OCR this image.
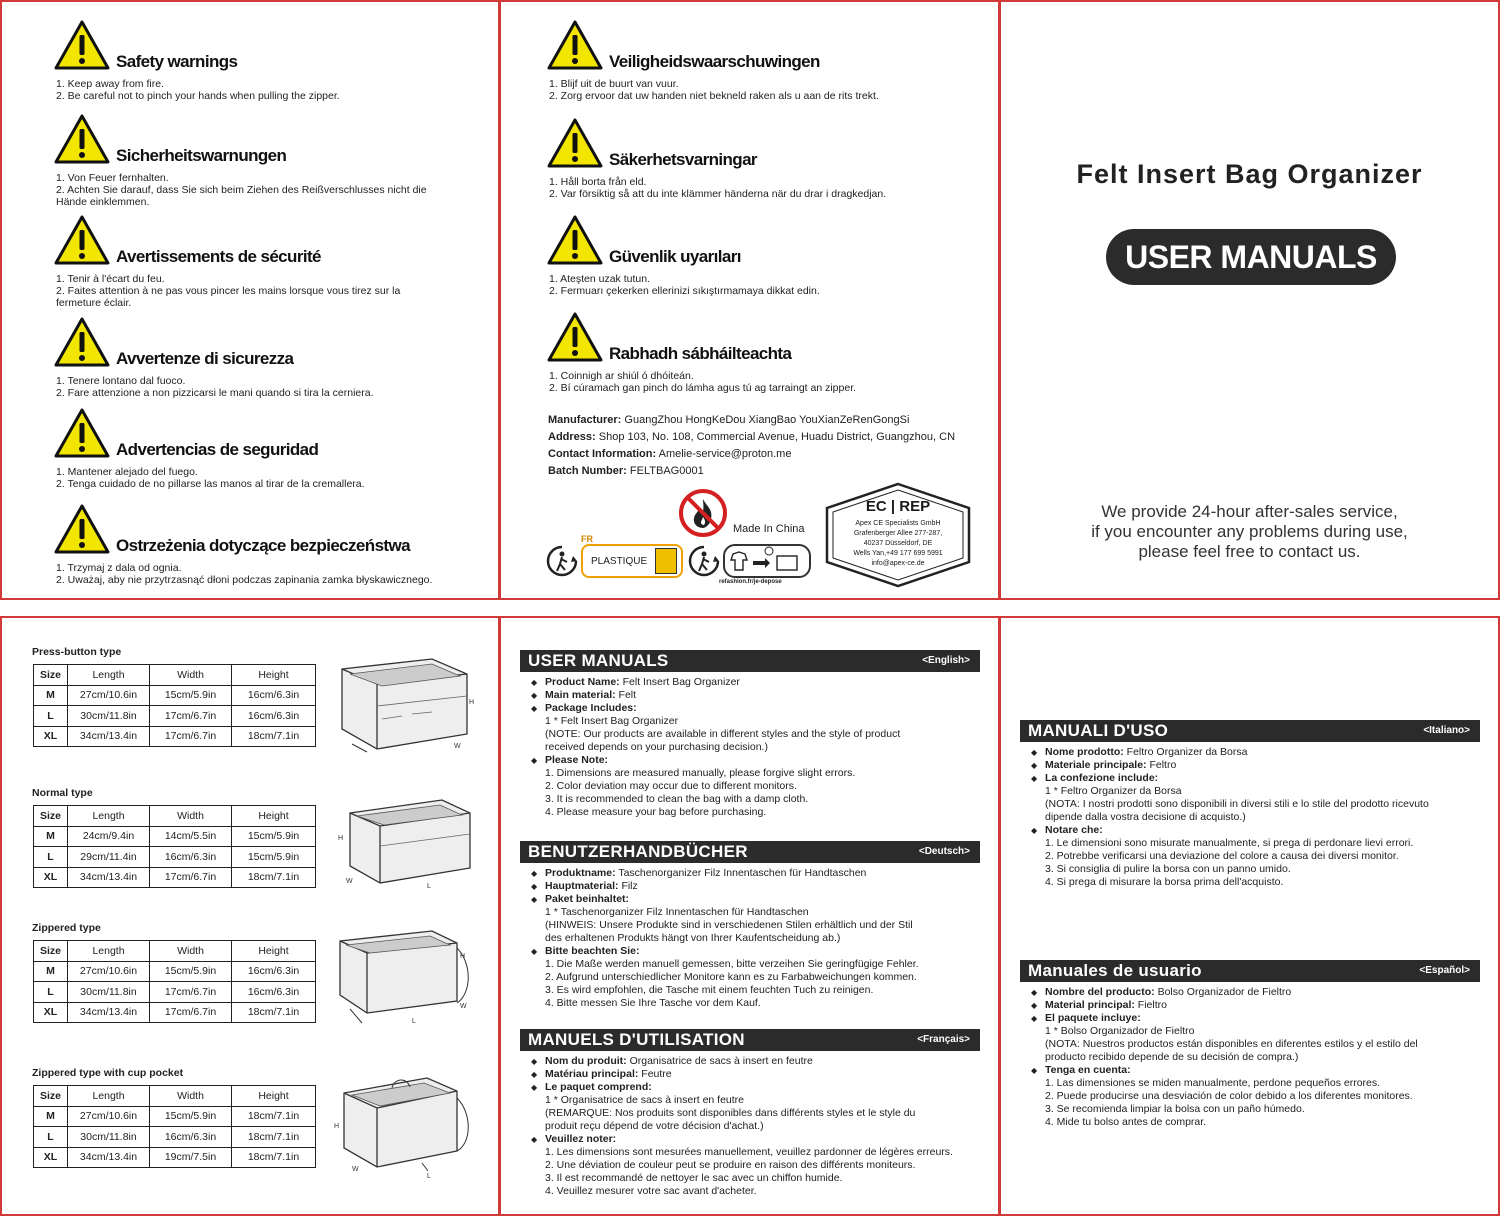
Safety warnings
1. Keep away from fire.
2. Be careful not to pinch your hands when pulling the zipper.
Sicherheitswarnungen
1. Von Feuer fernhalten.
2. Achten Sie darauf, dass Sie sich beim Ziehen des Reißverschlusses nicht die Hände einklemmen.
Avertissements de sécurité
1. Tenir à l'écart du feu.
2. Faites attention à ne pas vous pincer les mains lorsque vous tirez sur la fermeture éclair.
Avvertenze di sicurezza
1. Tenere lontano dal fuoco.
2. Fare attenzione a non pizzicarsi le mani quando si tira la cerniera.
Advertencias de seguridad
1. Mantener alejado del fuego.
2. Tenga cuidado de no pillarse las manos al tirar de la cremallera.
Ostrzeżenia dotyczące bezpieczeństwa
1. Trzymaj z dala od ognia.
2. Uważaj, aby nie przytrzasnąć dłoni podczas zapinania zamka błyskawicznego.
Veiligheidswaarschuwingen
1. Blijf uit de buurt van vuur.
2. Zorg ervoor dat uw handen niet bekneld raken als u aan de rits trekt.
Säkerhetsvarningar
1. Håll borta från eld.
2. Var försiktig så att du inte klämmer händerna när du drar i dragkedjan.
Güvenlik uyarıları
1. Ateşten uzak tutun.
2. Fermuarı çekerken ellerinizi sıkıştırmamaya dikkat edin.
Rabhadh sábháilteachta
1. Coinnigh ar shiúl ó dhóiteán.
2. Bí cúramach gan pinch do lámha agus tú ag tarraingt an zipper.
Manufacturer: GuangZhou HongKeDou XiangBao YouXianZeRenGongSi
Address: Shop 103, No. 108, Commercial Avenue, Huadu District, Guangzhou, CN
Contact Information: Amelie-service@proton.me
Batch Number: FELTBAG0001
Made In China
FR
PLASTIQUE
refashion.fr/je-depose
EC | REP
Apex CE Specialists GmbH
Grafenberger Allee 277-287,
40237 Düsseldorf, DE
Wells Yan,+49 177 699 5991
info@apex-ce.de
Felt Insert Bag Organizer
USER MANUALS
We provide 24-hour after-sales service,
if you encounter any problems during use,
please feel free to contact us.
Press-button type
Size	Length	Width	Height
M	27cm/10.6in	15cm/5.9in	16cm/6.3in
L	30cm/11.8in	17cm/6.7in	16cm/6.3in
XL	34cm/13.4in	17cm/6.7in	18cm/7.1in
H
W
Normal type
Size	Length	Width	Height
M	24cm/9.4in	14cm/5.5in	15cm/5.9in
L	29cm/11.4in	16cm/6.3in	15cm/5.9in
XL	34cm/13.4in	17cm/6.7in	18cm/7.1in
H
W
L
Zippered type
Size	Length	Width	Height
M	27cm/10.6in	15cm/5.9in	16cm/6.3in
L	30cm/11.8in	17cm/6.7in	16cm/6.3in
XL	34cm/13.4in	17cm/6.7in	18cm/7.1in
H
W
L
Zippered type with cup pocket
Size	Length	Width	Height
M	27cm/10.6in	15cm/5.9in	18cm/7.1in
L	30cm/11.8in	16cm/6.3in	18cm/7.1in
XL	34cm/13.4in	19cm/7.5in	18cm/7.1in
H
W
L
USER MANUALS	<English>
◆ Product Name: Felt Insert Bag Organizer
◆ Main material: Felt
◆ Package Includes:
1 * Felt Insert Bag Organizer
(NOTE: Our products are available in different styles and the style of product
received depends on your purchasing decision.)
◆ Please Note:
1. Dimensions are measured manually, please forgive slight errors.
2. Color deviation may occur due to different monitors.
3. It is recommended to clean the bag with a damp cloth.
4. Please measure your bag before purchasing.
BENUTZERHANDBÜCHER	<Deutsch>
◆ Produktname: Taschenorganizer Filz Innentaschen für Handtaschen
◆ Hauptmaterial: Filz
◆ Paket beinhaltet:
1 * Taschenorganizer Filz Innentaschen für Handtaschen
(HINWEIS: Unsere Produkte sind in verschiedenen Stilen erhältlich und der Stil
des erhaltenen Produkts hängt von Ihrer Kaufentscheidung ab.)
◆ Bitte beachten Sie:
1. Die Maße werden manuell gemessen, bitte verzeihen Sie geringfügige Fehler.
2. Aufgrund unterschiedlicher Monitore kann es zu Farbabweichungen kommen.
3. Es wird empfohlen, die Tasche mit einem feuchten Tuch zu reinigen.
4. Bitte messen Sie Ihre Tasche vor dem Kauf.
MANUELS D'UTILISATION	<Français>
◆ Nom du produit: Organisatrice de sacs à insert en feutre
◆ Matériau principal: Feutre
◆ Le paquet comprend:
1 * Organisatrice de sacs à insert en feutre
(REMARQUE: Nos produits sont disponibles dans différents styles et le style du
produit reçu dépend de votre décision d'achat.)
◆ Veuillez noter:
1. Les dimensions sont mesurées manuellement, veuillez pardonner de légères erreurs.
2. Une déviation de couleur peut se produire en raison des différents moniteurs.
3. Il est recommandé de nettoyer le sac avec un chiffon humide.
4. Veuillez mesurer votre sac avant d'acheter.
MANUALI D'USO	<Italiano>
◆ Nome prodotto: Feltro Organizer da Borsa
◆ Materiale principale: Feltro
◆ La confezione include:
1 * Feltro Organizer da Borsa
(NOTA: I nostri prodotti sono disponibili in diversi stili e lo stile del prodotto ricevuto
dipende dalla vostra decisione di acquisto.)
◆ Notare che:
1. Le dimensioni sono misurate manualmente, si prega di perdonare lievi errori.
2. Potrebbe verificarsi una deviazione del colore a causa dei diversi monitor.
3. Si consiglia di pulire la borsa con un panno umido.
4. Si prega di misurare la borsa prima dell'acquisto.
Manuales de usuario	<Español>
◆ Nombre del producto: Bolso Organizador de Fieltro
◆ Material principal: Fieltro
◆ El paquete incluye:
1 * Bolso Organizador de Fieltro
(NOTA: Nuestros productos están disponibles en diferentes estilos y el estilo del
producto recibido depende de su decisión de compra.)
◆ Tenga en cuenta:
1. Las dimensiones se miden manualmente, perdone pequeños errores.
2. Puede producirse una desviación de color debido a los diferentes monitores.
3. Se recomienda limpiar la bolsa con un paño húmedo.
4. Mide tu bolso antes de comprar.
